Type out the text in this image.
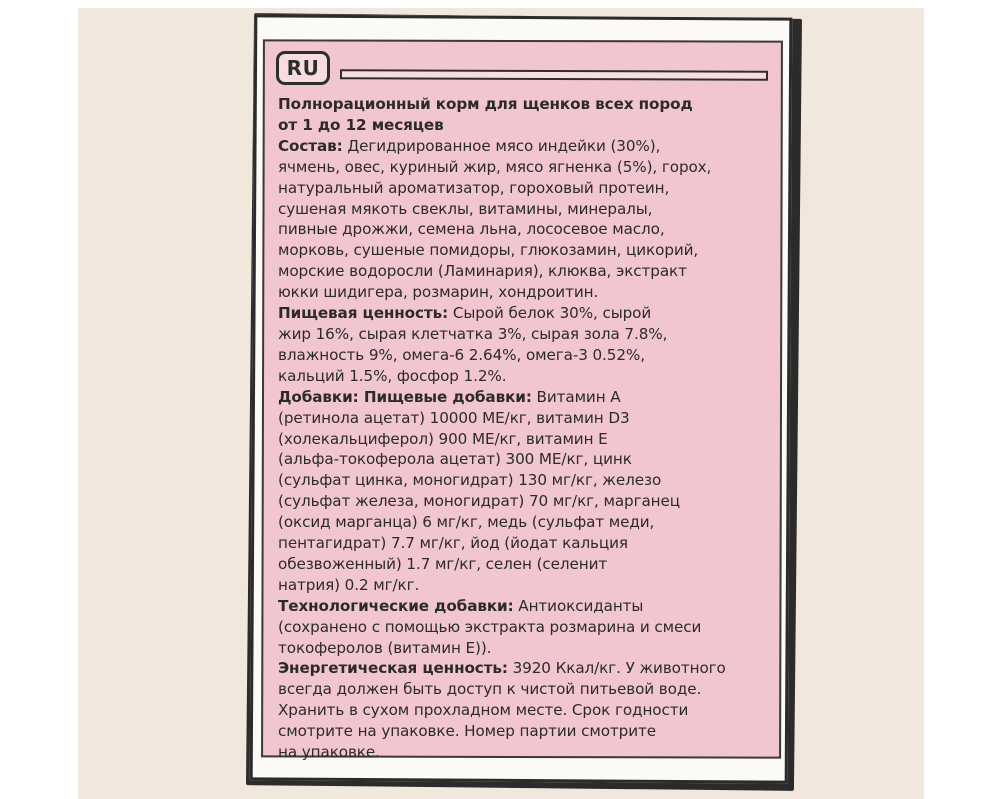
RU
Полнорационный корм для щенков всех пород
от 1 до 12 месяцев
Состав: Дегидрированное мясо индейки (30%),
ячмень, овес, куриный жир, мясо ягненка (5%), горох,
натуральный ароматизатор, гороховый протеин,
сушеная мякоть свеклы, витамины, минералы,
пивные дрожжи, семена льна, лососевое масло,
морковь, сушеные помидоры, глюкозамин, цикорий,
морские водоросли (Ламинария), клюква, экстракт
юкки шидигера, розмарин, хондроитин.
Пищевая ценность: Сырой белок 30%, сырой
жир 16%, сырая клетчатка 3%, сырая зола 7.8%,
влажность 9%, омега-6 2.64%, омега-3 0.52%,
кальций 1.5%, фосфор 1.2%.
Добавки: Пищевые добавки: Витамин А
(ретинола ацетат) 10000 МЕ/кг, витамин D3
(холекальциферол) 900 МЕ/кг, витамин Е
(альфа-токоферола ацетат) 300 МЕ/кг, цинк
(сульфат цинка, моногидрат) 130 мг/кг, железо
(сульфат железа, моногидрат) 70 мг/кг, марганец
(оксид марганца) 6 мг/кг, медь (сульфат меди,
пентагидрат) 7.7 мг/кг, йод (йодат кальция
обезвоженный) 1.7 мг/кг, селен (селенит
натрия) 0.2 мг/кг.
Технологические добавки: Антиоксиданты
(сохранено с помощью экстракта розмарина и смеси
токоферолов (витамин Е)).
Энергетическая ценность: 3920 Ккал/кг. У животного
всегда должен быть доступ к чистой питьевой воде.
Хранить в сухом прохладном месте. Срок годности
смотрите на упаковке. Номер партии смотрите
на упаковке.
